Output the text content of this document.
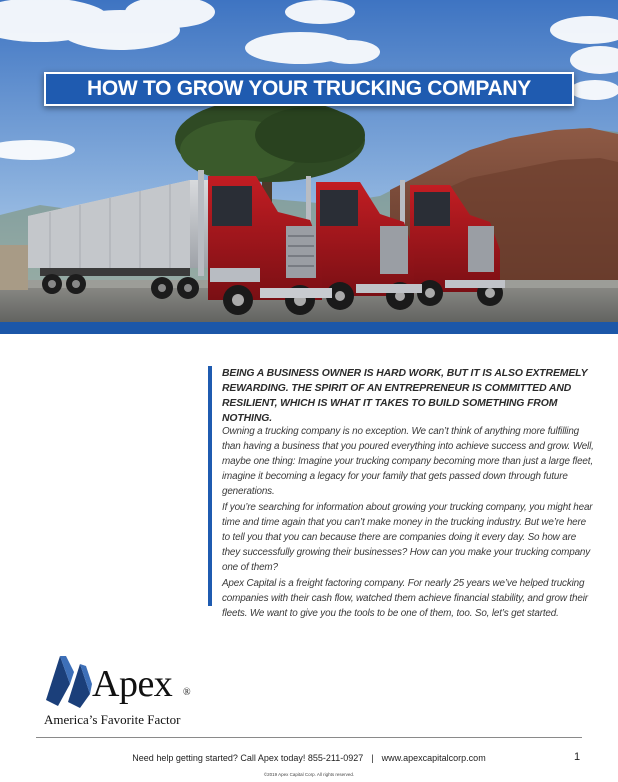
HOW TO GROW YOUR TRUCKING COMPANY

BEING A BUSINESS OWNER IS HARD WORK, BUT IT IS ALSO EXTREMELY REWARDING. THE SPIRIT OF AN ENTREPRENEUR IS COMMITTED AND RESILIENT, WHICH IS WHAT IT TAKES TO BUILD SOMETHING FROM NOTHING.

Owning a trucking company is no exception. We can’t think of anything more fulfilling than having a business that you poured everything into achieve success and grow. Well, maybe one thing: Imagine your trucking company becoming more than just a large fleet, imagine it becoming a legacy for your family that gets passed down through future generations.

If you’re searching for information about growing your trucking company, you might hear time and time again that you can’t make money in the trucking industry. But we’re here to tell you that you can because there are companies doing it every day. So how are they successfully growing their businesses? How can you make your trucking company one of them?

Apex Capital is a freight factoring company. For nearly 25 years we’ve helped trucking companies with their cash flow, watched them achieve financial stability, and grow their fleets. We want to give you the tools to be one of them, too. So, let’s get started.

Apex ®
America’s Favorite Factor
Need help getting started? Call Apex today! 855-211-0927 | www.apexcapitalcorp.com	1
©2019 Apex Capital Corp. All rights reserved.
